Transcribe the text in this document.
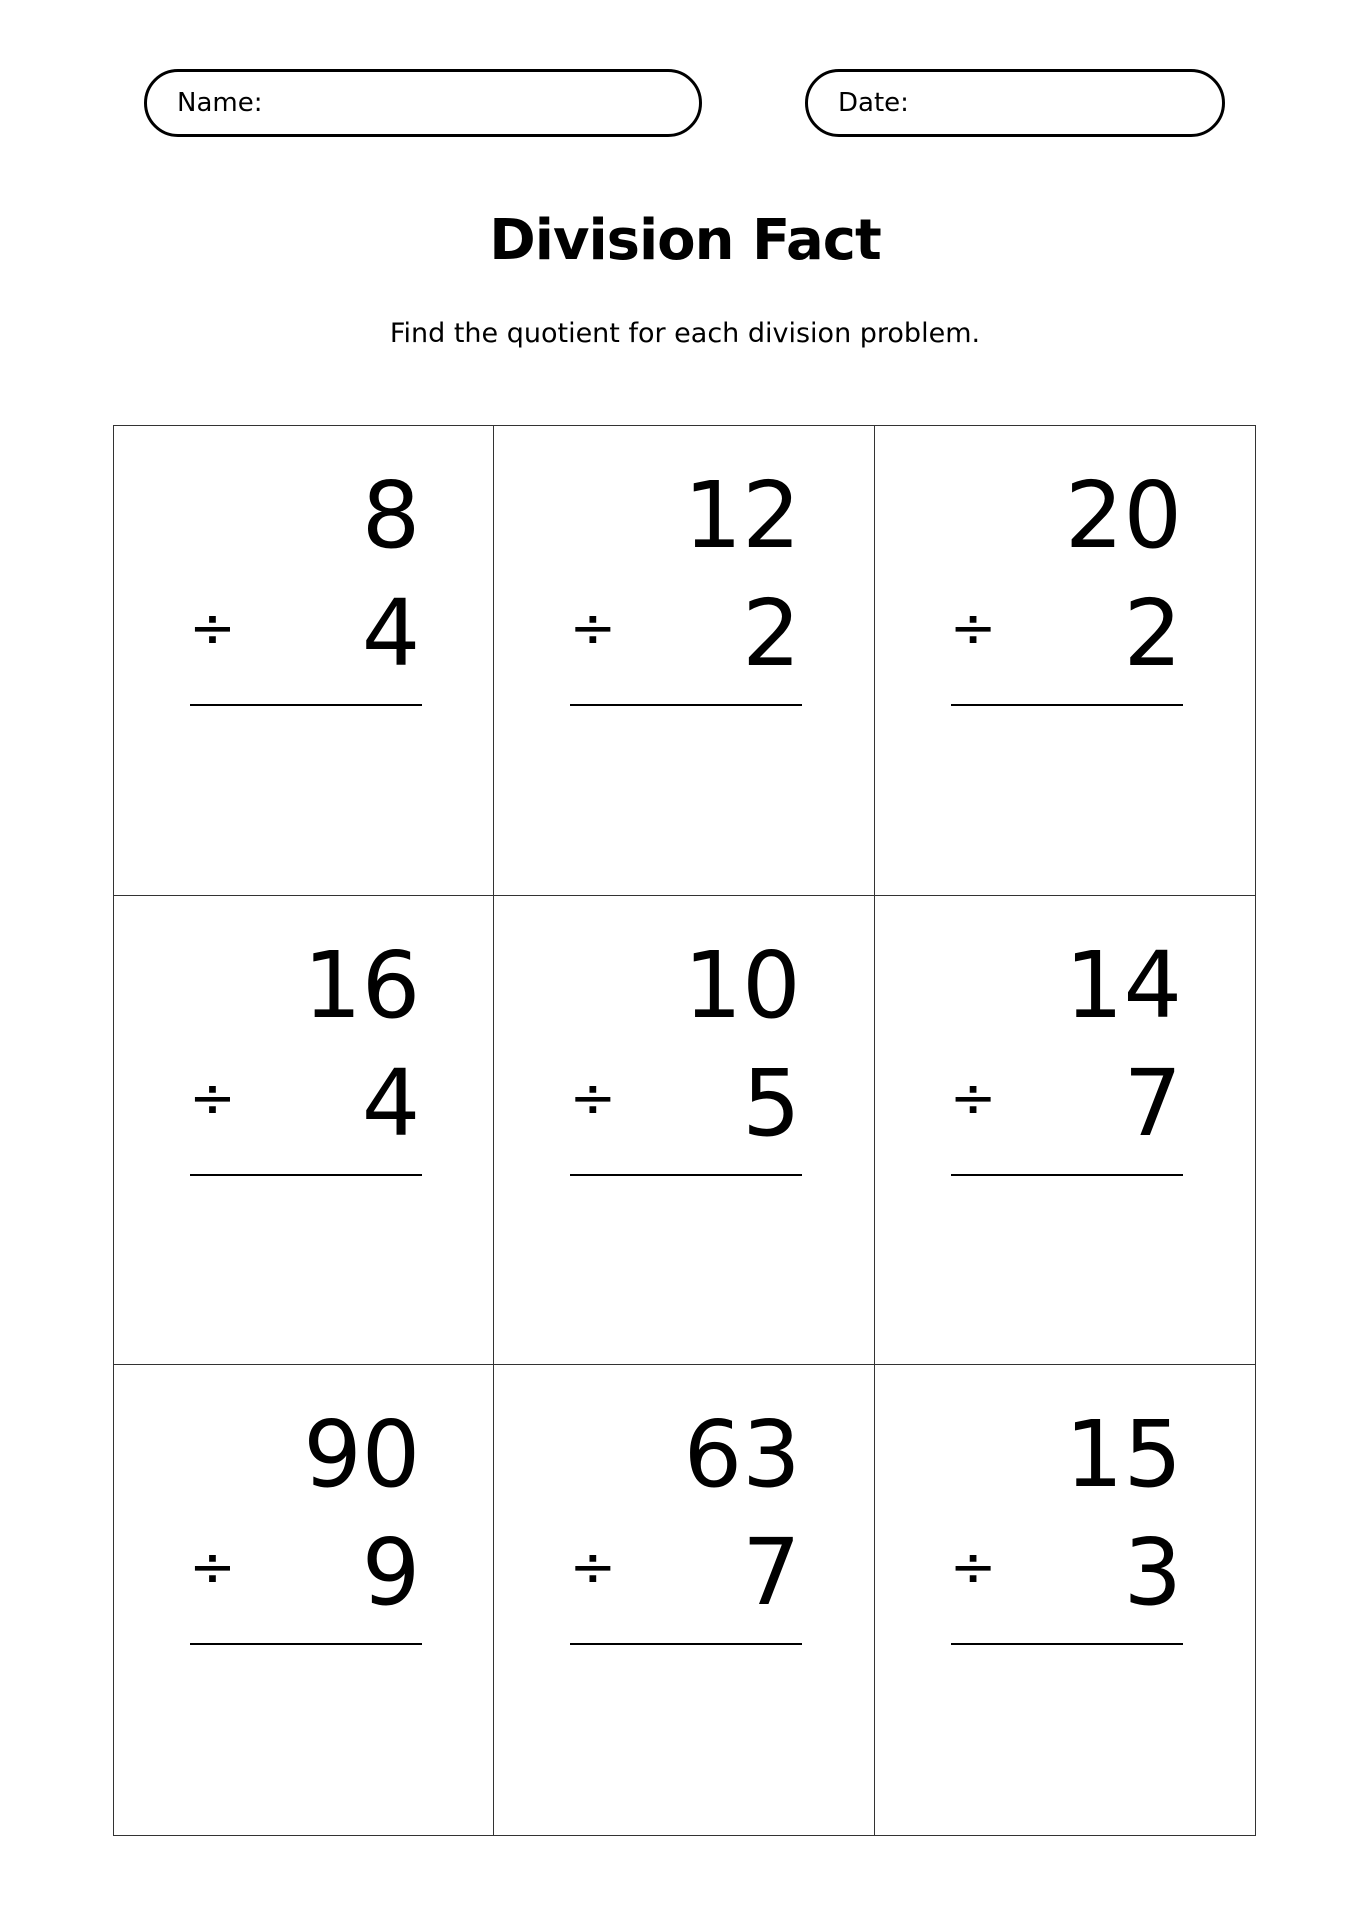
Name:	Date:
Division Fact
Find the quotient for each division problem.
8
÷ 4
12
÷ 2
20
÷ 2
16
÷ 4
10
÷ 5
14
÷ 7
90
÷ 9
63
÷ 7
15
÷ 3
